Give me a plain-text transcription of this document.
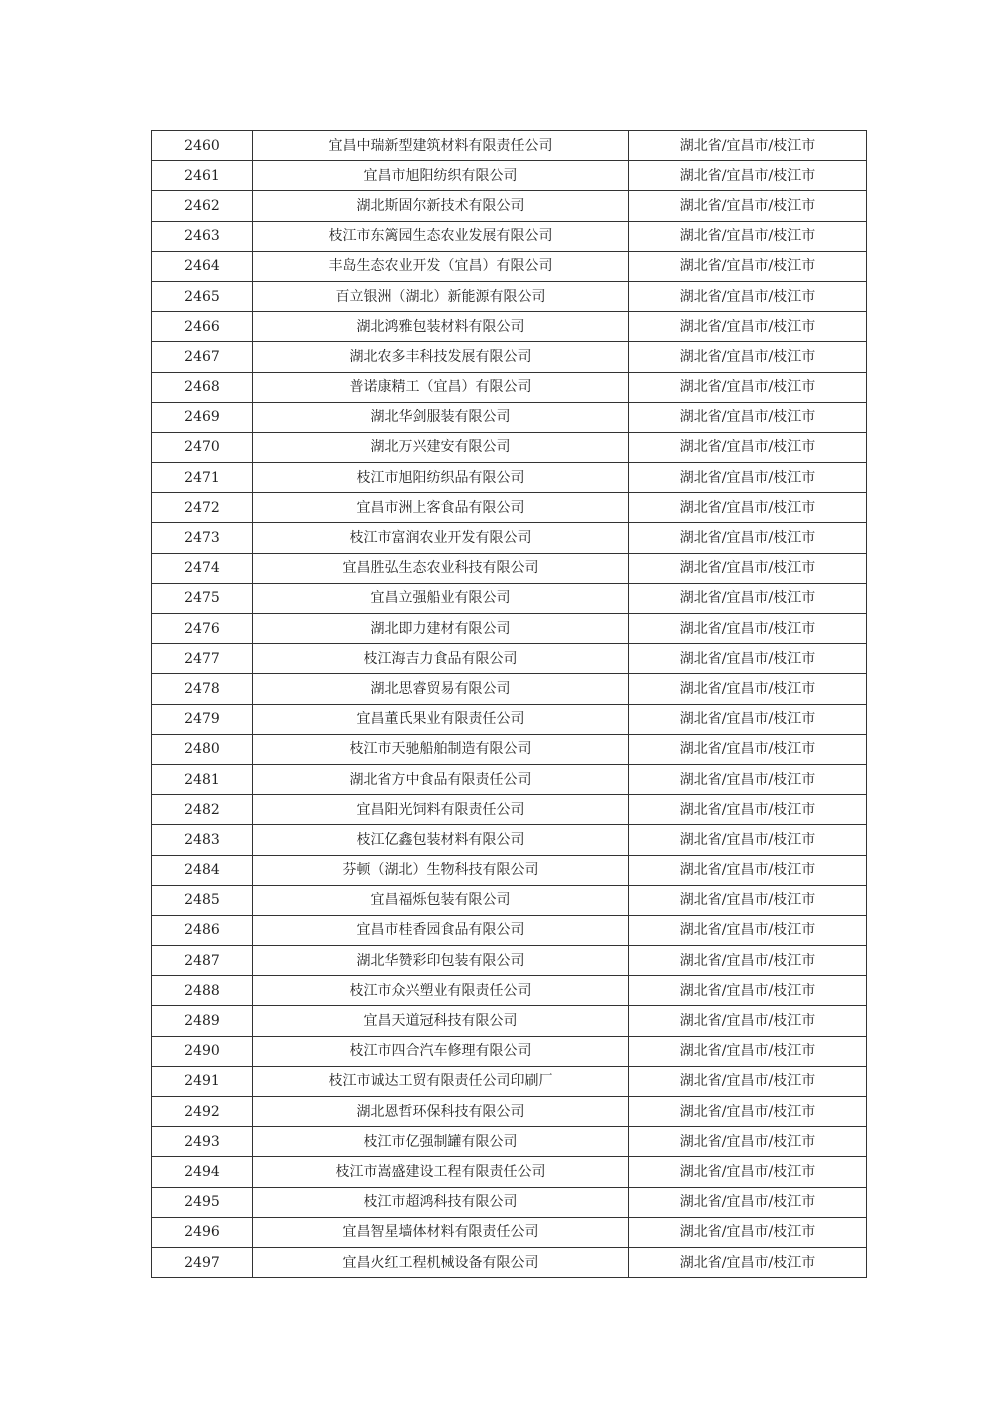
2460	宜昌中瑞新型建筑材料有限责任公司	湖北省/宜昌市/枝江市
2461	宜昌市旭阳纺织有限公司	湖北省/宜昌市/枝江市
2462	湖北斯固尔新技术有限公司	湖北省/宜昌市/枝江市
2463	枝江市东篱园生态农业发展有限公司	湖北省/宜昌市/枝江市
2464	丰岛生态农业开发（宜昌）有限公司	湖北省/宜昌市/枝江市
2465	百立银洲（湖北）新能源有限公司	湖北省/宜昌市/枝江市
2466	湖北鸿雅包装材料有限公司	湖北省/宜昌市/枝江市
2467	湖北农多丰科技发展有限公司	湖北省/宜昌市/枝江市
2468	普诺康精工（宜昌）有限公司	湖北省/宜昌市/枝江市
2469	湖北华剑服装有限公司	湖北省/宜昌市/枝江市
2470	湖北万兴建安有限公司	湖北省/宜昌市/枝江市
2471	枝江市旭阳纺织品有限公司	湖北省/宜昌市/枝江市
2472	宜昌市洲上客食品有限公司	湖北省/宜昌市/枝江市
2473	枝江市富润农业开发有限公司	湖北省/宜昌市/枝江市
2474	宜昌胜弘生态农业科技有限公司	湖北省/宜昌市/枝江市
2475	宜昌立强船业有限公司	湖北省/宜昌市/枝江市
2476	湖北即力建材有限公司	湖北省/宜昌市/枝江市
2477	枝江海吉力食品有限公司	湖北省/宜昌市/枝江市
2478	湖北思睿贸易有限公司	湖北省/宜昌市/枝江市
2479	宜昌董氏果业有限责任公司	湖北省/宜昌市/枝江市
2480	枝江市天驰船舶制造有限公司	湖北省/宜昌市/枝江市
2481	湖北省方中食品有限责任公司	湖北省/宜昌市/枝江市
2482	宜昌阳光饲料有限责任公司	湖北省/宜昌市/枝江市
2483	枝江亿鑫包装材料有限公司	湖北省/宜昌市/枝江市
2484	芬顿（湖北）生物科技有限公司	湖北省/宜昌市/枝江市
2485	宜昌福烁包装有限公司	湖北省/宜昌市/枝江市
2486	宜昌市桂香园食品有限公司	湖北省/宜昌市/枝江市
2487	湖北华赞彩印包装有限公司	湖北省/宜昌市/枝江市
2488	枝江市众兴塑业有限责任公司	湖北省/宜昌市/枝江市
2489	宜昌天道冠科技有限公司	湖北省/宜昌市/枝江市
2490	枝江市四合汽车修理有限公司	湖北省/宜昌市/枝江市
2491	枝江市诚达工贸有限责任公司印刷厂	湖北省/宜昌市/枝江市
2492	湖北恩哲环保科技有限公司	湖北省/宜昌市/枝江市
2493	枝江市亿强制罐有限公司	湖北省/宜昌市/枝江市
2494	枝江市嵩盛建设工程有限责任公司	湖北省/宜昌市/枝江市
2495	枝江市超鸿科技有限公司	湖北省/宜昌市/枝江市
2496	宜昌智星墙体材料有限责任公司	湖北省/宜昌市/枝江市
2497	宜昌火红工程机械设备有限公司	湖北省/宜昌市/枝江市
